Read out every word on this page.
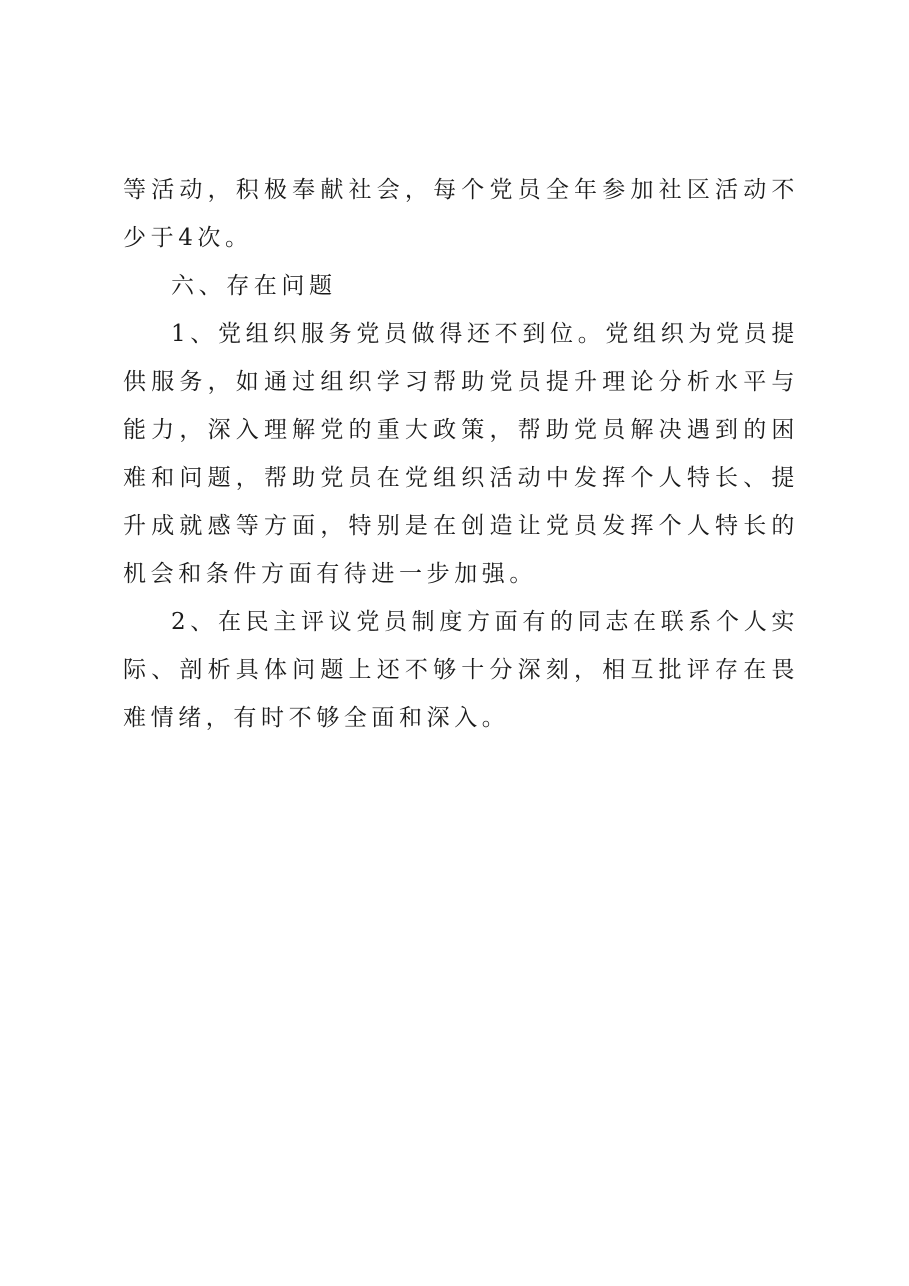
等活动，积极奉献社会，每个党员全年参加社区活动不少于4次。

六、存在问题

1、党组织服务党员做得还不到位。党组织为党员提供服务，如通过组织学习帮助党员提升理论分析水平与能力，深入理解党的重大政策，帮助党员解决遇到的困难和问题，帮助党员在党组织活动中发挥个人特长、提升成就感等方面，特别是在创造让党员发挥个人特长的机会和条件方面有待进一步加强。

2、在民主评议党员制度方面有的同志在联系个人实际、剖析具体问题上还不够十分深刻，相互批评存在畏难情绪，有时不够全面和深入。
